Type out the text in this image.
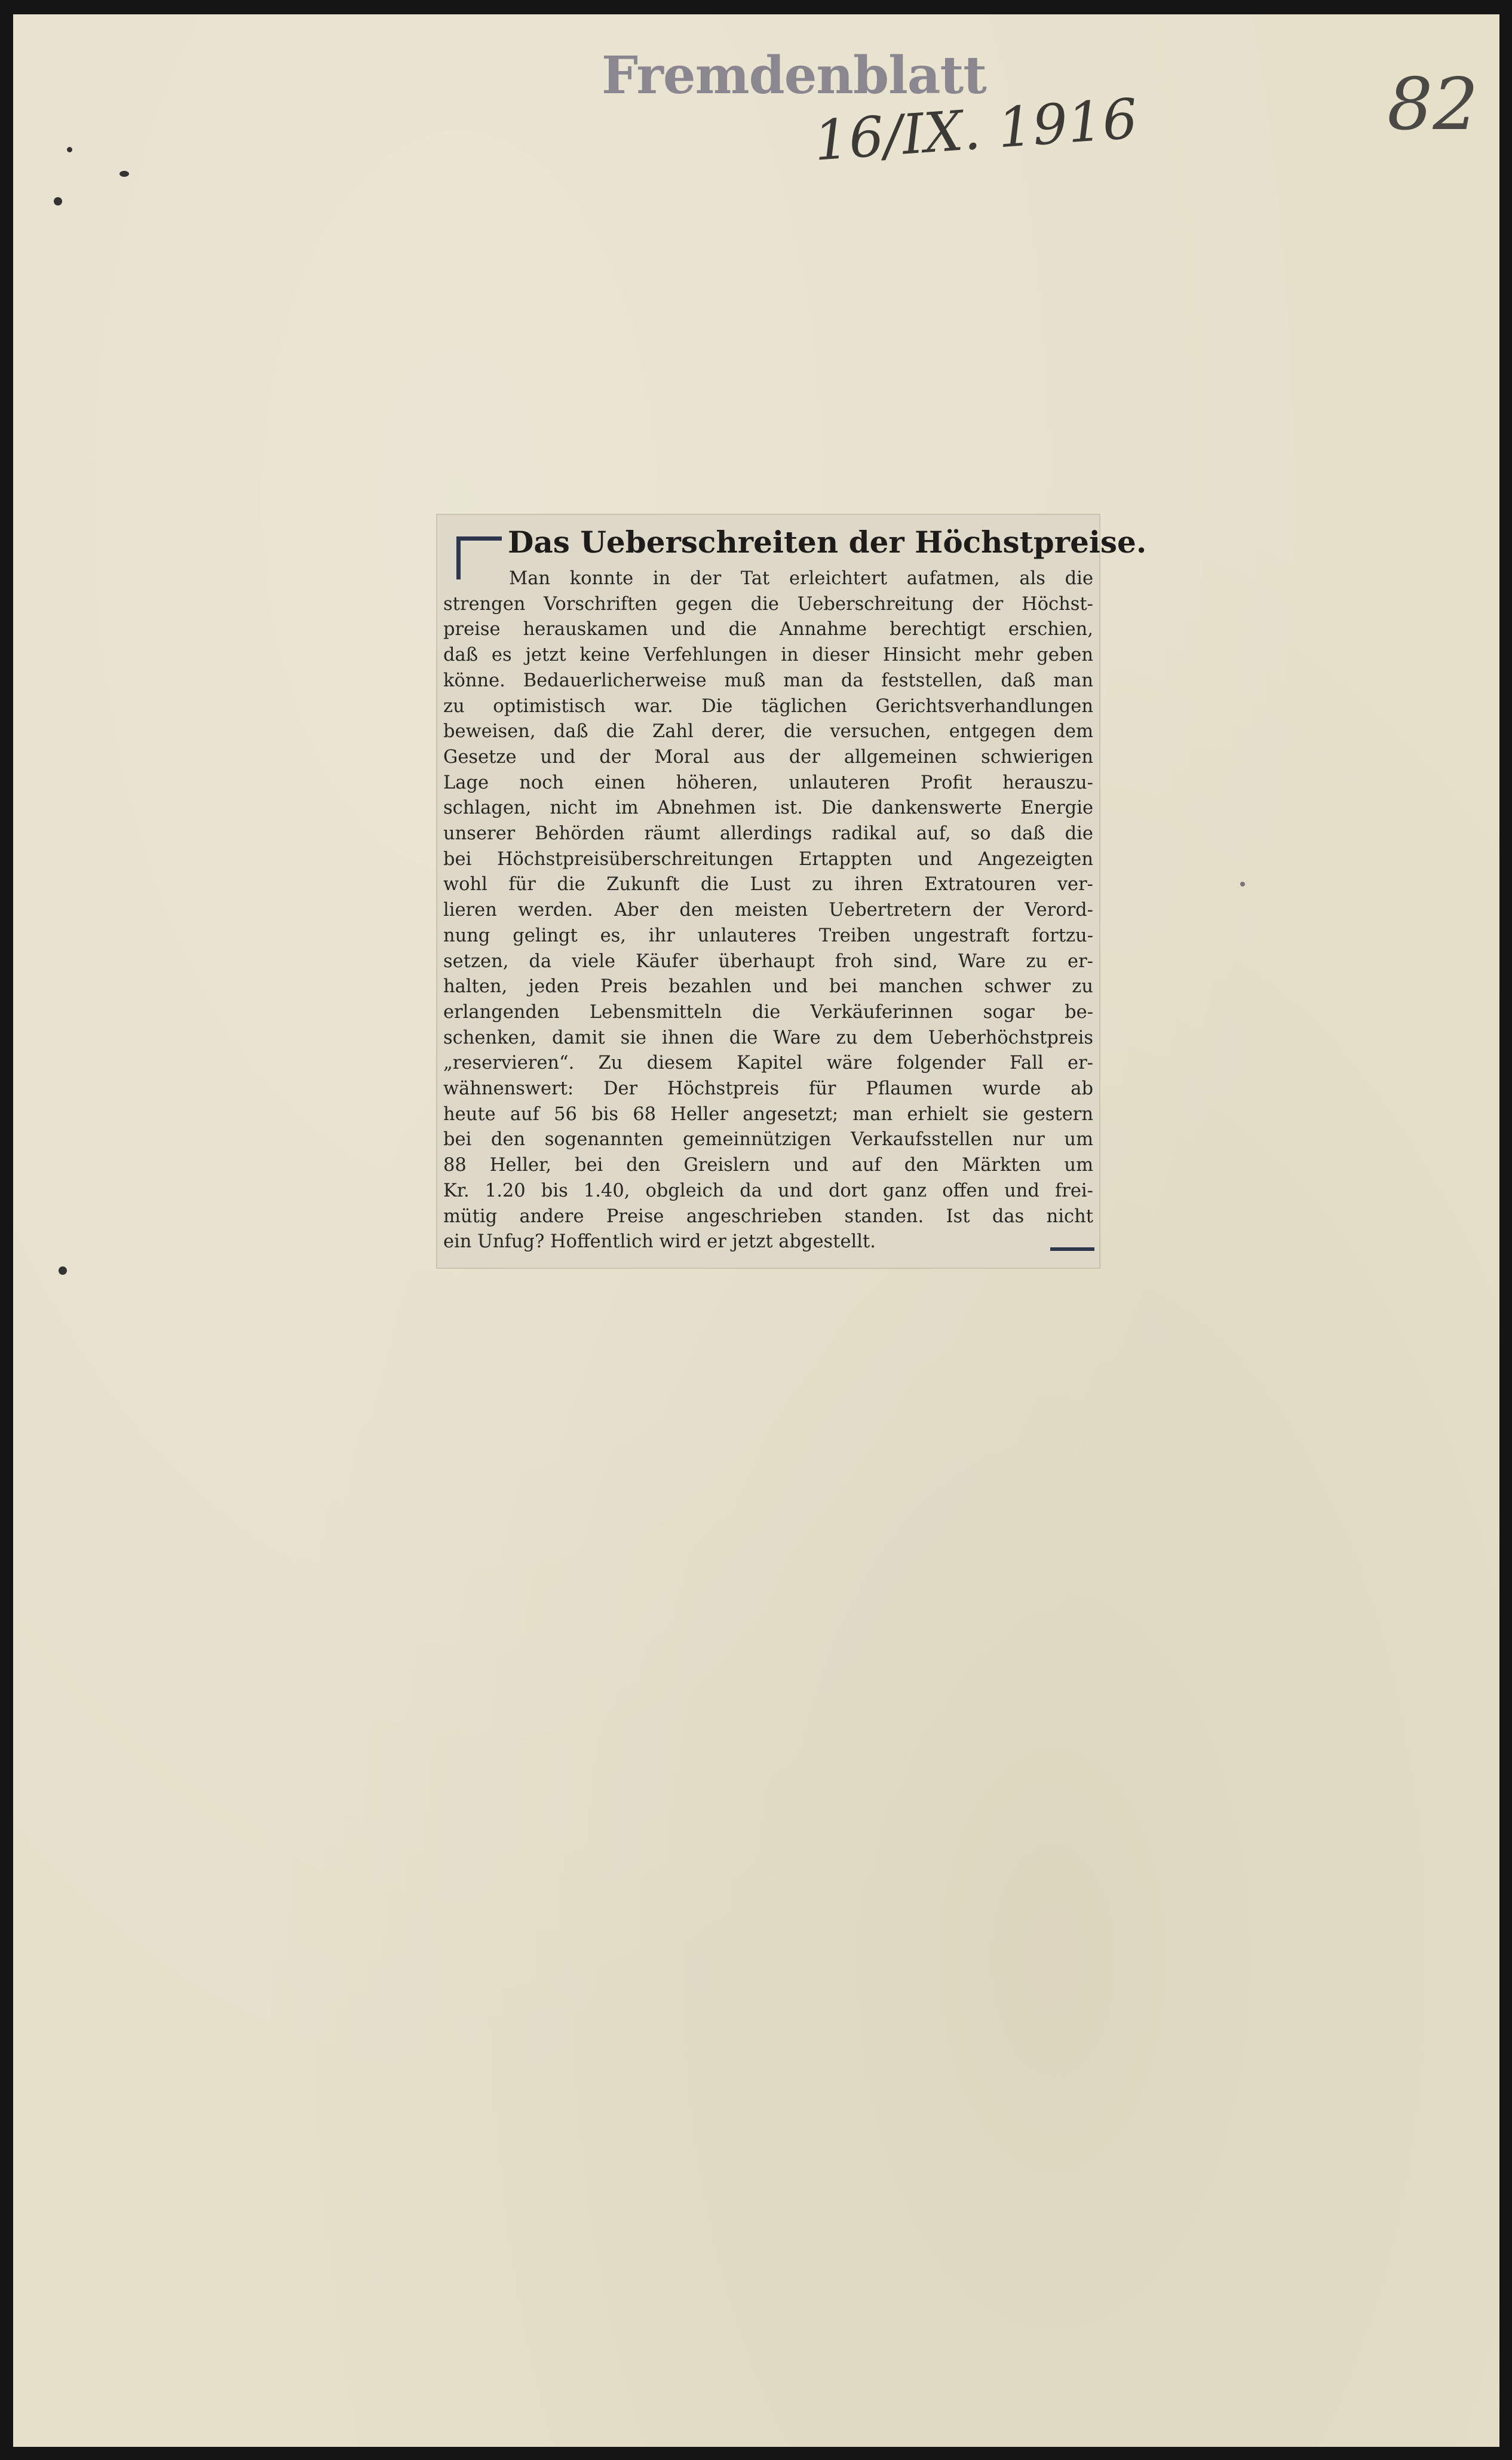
Fremdenblatt
16/IX. 1916	82
Das Ueberschreiten der Höchstpreise.
Man konnte in der Tat erleichtert aufatmen, als die
strengen Vorschriften gegen die Ueberschreitung der Höchst-
preise herauskamen und die Annahme berechtigt erschien,
daß es jetzt keine Verfehlungen in dieser Hinsicht mehr geben
könne. Bedauerlicherweise muß man da feststellen, daß man
zu optimistisch war. Die täglichen Gerichtsverhandlungen
beweisen, daß die Zahl derer, die versuchen, entgegen dem
Gesetze und der Moral aus der allgemeinen schwierigen
Lage noch einen höheren, unlauteren Profit herauszu-
schlagen, nicht im Abnehmen ist. Die dankenswerte Energie
unserer Behörden räumt allerdings radikal auf, so daß die
bei Höchstpreisüberschreitungen Ertappten und Angezeigten
wohl für die Zukunft die Lust zu ihren Extratouren ver-
lieren werden. Aber den meisten Uebertretern der Verord-
nung gelingt es, ihr unlauteres Treiben ungestraft fortzu-
setzen, da viele Käufer überhaupt froh sind, Ware zu er-
halten, jeden Preis bezahlen und bei manchen schwer zu
erlangenden Lebensmitteln die Verkäuferinnen sogar be-
schenken, damit sie ihnen die Ware zu dem Ueberhöchstpreis
„reservieren“. Zu diesem Kapitel wäre folgender Fall er-
wähnenswert: Der Höchstpreis für Pflaumen wurde ab
heute auf 56 bis 68 Heller angesetzt; man erhielt sie gestern
bei den sogenannten gemeinnützigen Verkaufsstellen nur um
88 Heller, bei den Greislern und auf den Märkten um
Kr. 1.20 bis 1.40, obgleich da und dort ganz offen und frei-
mütig andere Preise angeschrieben standen. Ist das nicht
ein Unfug? Hoffentlich wird er jetzt abgestellt.
